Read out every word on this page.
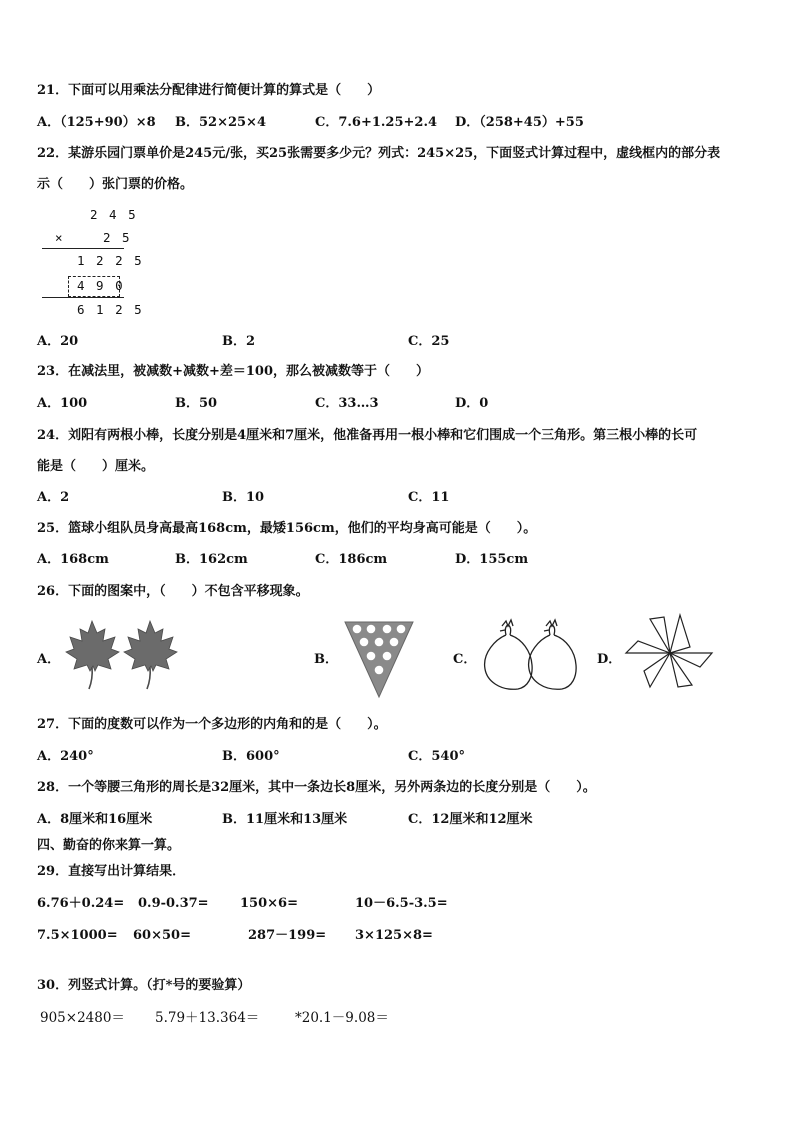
21．下面可以用乘法分配律进行简便计算的算式是（　　）
A．（125+90）×8 B．52×25×4	C．7.6+1.25+2.4 D．（258+45）+55
22．某游乐园门票单价是245元/张，买25张需要多少元？列式：245×25，下面竖式计算过程中，虚线框内的部分表
示（　　）张门票的价格。
2 4 5
×	2 5
1 2 2 5
4 9 0
6 1 2 5
A．20	B．2	C．25
23．在减法里，被减数+减数+差＝100，那么被减数等于（　　）
A．100	B．50	C．33…3	D．0
24．刘阳有两根小棒，长度分别是4厘米和7厘米，他准备再用一根小棒和它们围成一个三角形。第三根小棒的长可
能是（　　）厘米。
A．2	B．10	C．11
25．篮球小组队员身高最高168cm，最矮156cm，他们的平均身高可能是（　　）。
A．168cm	B．162cm	C．186cm	D．155cm
26．下面的图案中，（　　）不包含平移现象。
A．	B．	C．	D．
27．下面的度数可以作为一个多边形的内角和的是（　　）。
A．240°	B．600°	C．540°
28．一个等腰三角形的周长是32厘米，其中一条边长8厘米，另外两条边的长度分别是（　　）。
A．8厘米和16厘米	B．11厘米和13厘米	C．12厘米和12厘米
四、勤奋的你来算一算。
29．直接写出计算结果．
6.76＋0.24= 0.9-0.37= 150×6=	10－6.5-3.5=
7.5×1000= 60×50=	287－199= 3×125×8=
30．列竖式计算。（打*号的要验算）
905×2480＝ 5.79＋13.364＝	*20.1－9.08＝
